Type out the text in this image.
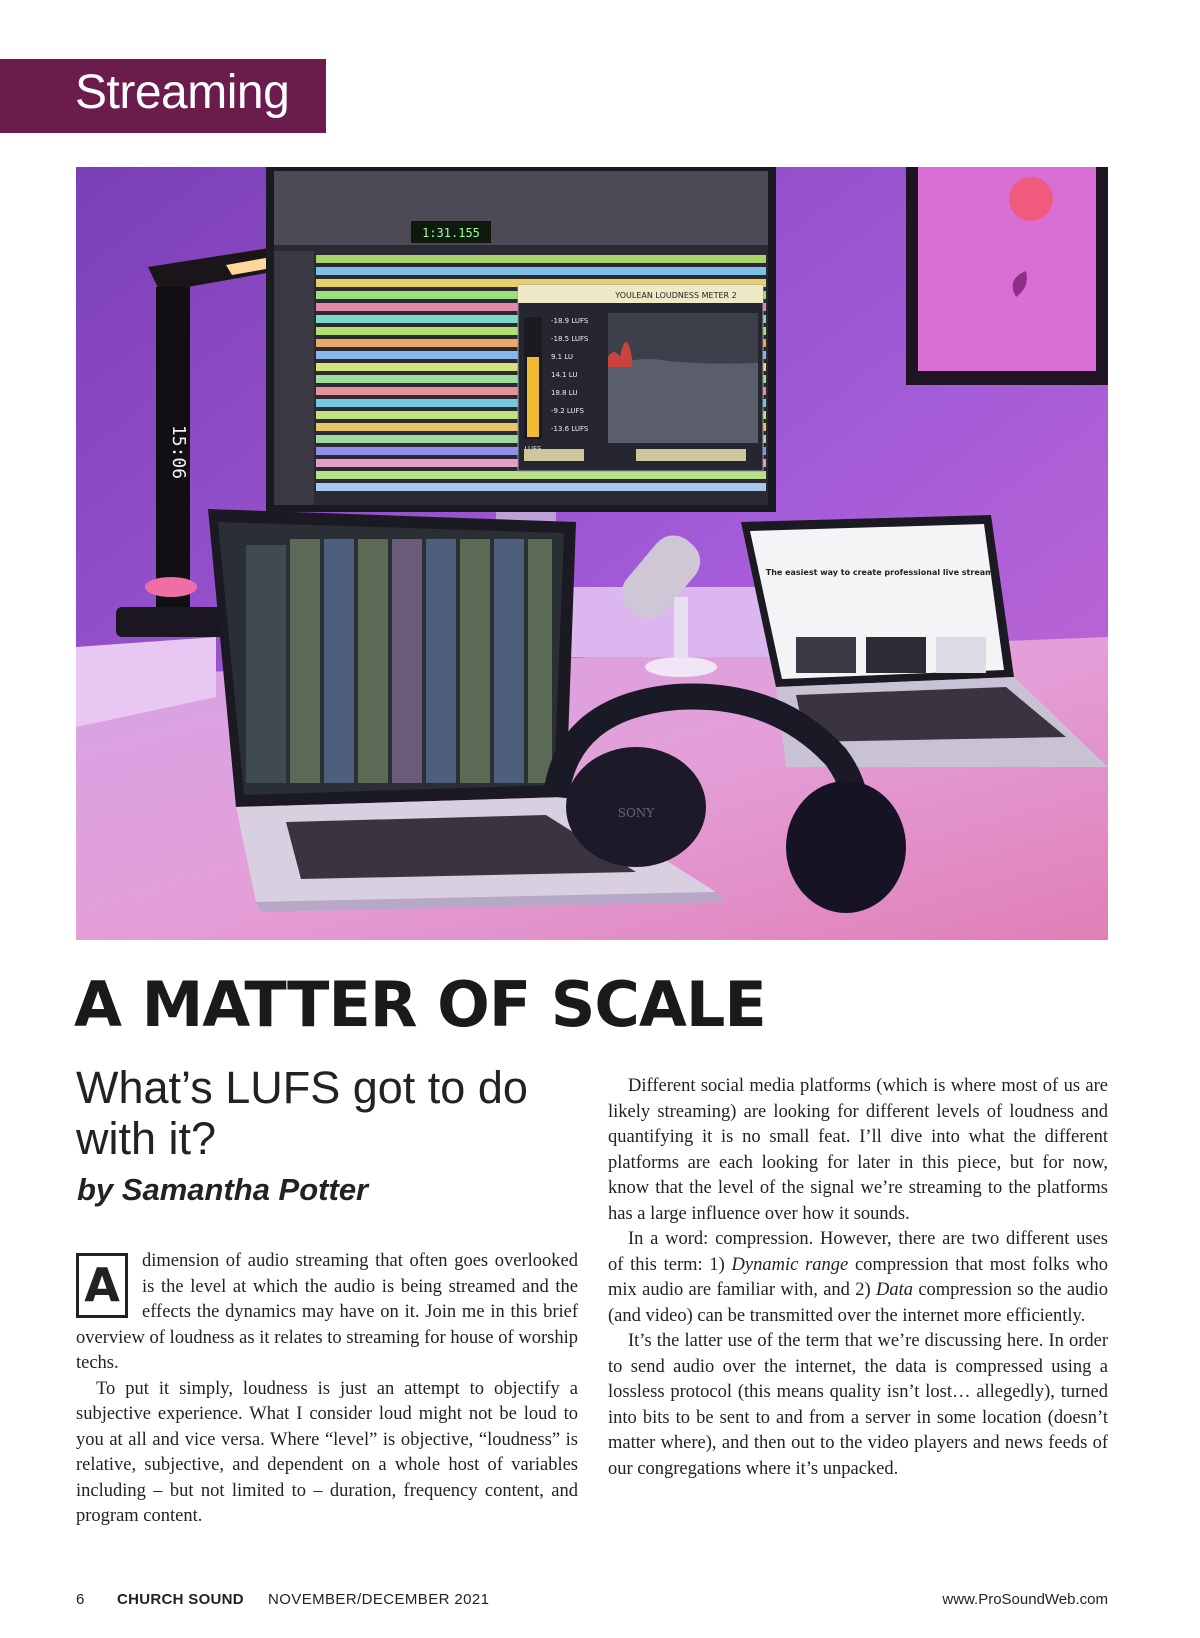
Streaming
15:06
1:31.155
YOULEAN LOUDNESS METER 2
-18.9 LUFS
-18.5 LUFS
9.1 LU
14.1 LU
18.8 LU
-9.2 LUFS
-13.6 LUFS
The easiest way to create professional live streams
SONY
A MATTER OF SCALE
What’s LUFS got to do with it?
by Samantha Potter

A	dimension of audio streaming that often goes overlooked is the level at which the audio is being streamed and the effects the dynamics may have on it. Join me in this brief overview of loudness as it relates to streaming for house of worship techs.

To put it simply, loudness is just an attempt to objectify a subjective experience. What I consider loud might not be loud to you at all and vice versa. Where “level” is objective, “loudness” is relative, subjective, and dependent on a whole host of variables including – but not limited to – duration, frequency content, and program content.

Different social media platforms (which is where most of us are likely streaming) are looking for different levels of loudness and quantifying it is no small feat. I’ll dive into what the different platforms are each looking for later in this piece, but for now, know that the level of the signal we’re streaming to the platforms has a large influence over how it sounds.

In a word: compression. However, there are two different uses of this term: 1) Dynamic range compression that most folks who mix audio are familiar with, and 2) Data compression so the audio (and video) can be transmitted over the internet more efficiently.

It’s the latter use of the term that we’re discussing here. In order to send audio over the internet, the data is compressed using a lossless protocol (this means quality isn’t lost… allegedly), turned into bits to be sent to and from a server in some location (doesn’t matter where), and then out to the video players and news feeds of our congregations where it’s unpacked.

6 CHURCH SOUND NOVEMBER/DECEMBER 2021	www.ProSoundWeb.com
